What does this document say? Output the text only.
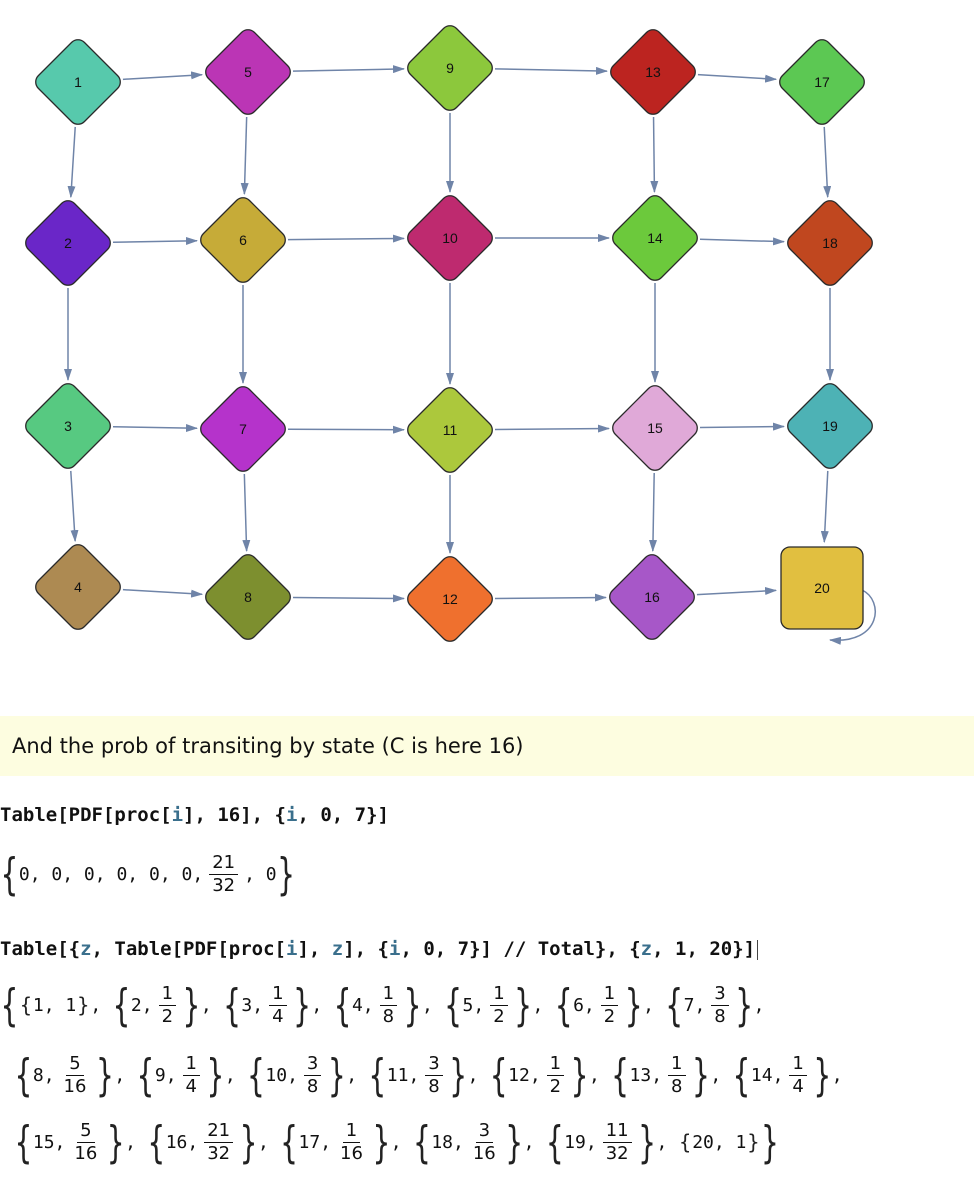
1
2
3
4
5
6
7
8
9
10
11
12
13
14
15
16
17
18
19
20
And the prob of transiting by state (C is here 16)
Table[PDF[proc[i], 16], {i, 0, 7}]
{ 0 , 0 , 0 , 0 , 0 , 0 , $\frac{21}{32}$ , 0 }
Table[{z, Table[PDF[proc[i], z], {i, 0, 7}] // Total}, {z, 1, 20}]
{ { 1, 1 } , { 2, $\frac{1}{2}$ } , { 3, $\frac{1}{4}$ } , { 4, $\frac{1}{8}$ } , { 5, $\frac{1}{2}$ } , { 6, $\frac{1}{2}$ } , { 7, $\frac{3}{8}$ } ,
{ 8, $\frac{5}{16}$ } , { 9, $\frac{1}{4}$ } , { 10, $\frac{3}{8}$ } , { 11, $\frac{3}{8}$ } , { 12, $\frac{1}{2}$ } , { 13, $\frac{1}{8}$ } , { 14, $\frac{1}{4}$ } ,
{ 15, $\frac{5}{16}$ } , { 16, $\frac{21}{32}$ } , { 17, $\frac{1}{16}$ } , { 18, $\frac{3}{16}$ } , { 19, $\frac{11}{32}$ } , { 20, 1 } }
